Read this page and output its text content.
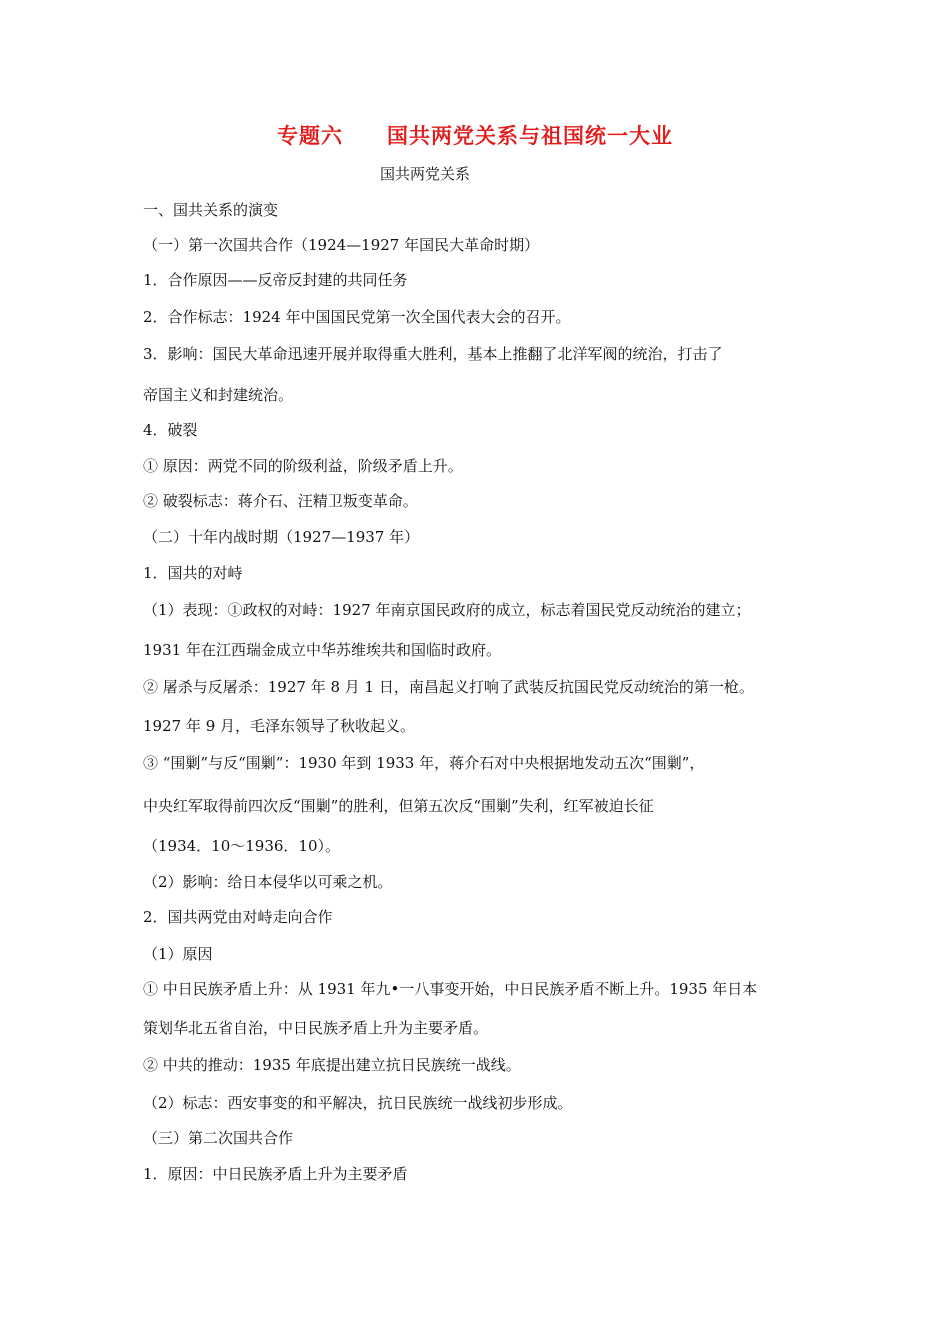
专题六　　国共两党关系与祖国统一大业
国共两党关系
一、国共关系的演变
（一）第一次国共合作（1924—1927 年国民大革命时期）
1．合作原因——反帝反封建的共同任务
2．合作标志：1924 年中国国民党第一次全国代表大会的召开。
3．影响：国民大革命迅速开展并取得重大胜利，基本上推翻了北洋军阀的统治，打击了
帝国主义和封建统治。
4．破裂
① 原因：两党不同的阶级利益，阶级矛盾上升。
② 破裂标志：蒋介石、汪精卫叛变革命。
（二）十年内战时期（1927—1937 年）
1．国共的对峙
（1）表现：①政权的对峙：1927 年南京国民政府的成立，标志着国民党反动统治的建立；
1931 年在江西瑞金成立中华苏维埃共和国临时政府。
② 屠杀与反屠杀：1927 年 8 月 1 日，南昌起义打响了武装反抗国民党反动统治的第一枪。
1927 年 9 月，毛泽东领导了秋收起义。
③ “围剿”与反“围剿”：1930 年到 1933 年，蒋介石对中央根据地发动五次“围剿”，
中央红军取得前四次反“围剿”的胜利，但第五次反“围剿”失利，红军被迫长征
（1934．10～1936．10）。
（2）影响：给日本侵华以可乘之机。
2．国共两党由对峙走向合作
（1）原因
① 中日民族矛盾上升：从 1931 年九•一八事变开始，中日民族矛盾不断上升。1935 年日本
策划华北五省自治，中日民族矛盾上升为主要矛盾。
② 中共的推动：1935 年底提出建立抗日民族统一战线。
（2）标志：西安事变的和平解决，抗日民族统一战线初步形成。
（三）第二次国共合作
1．原因：中日民族矛盾上升为主要矛盾
